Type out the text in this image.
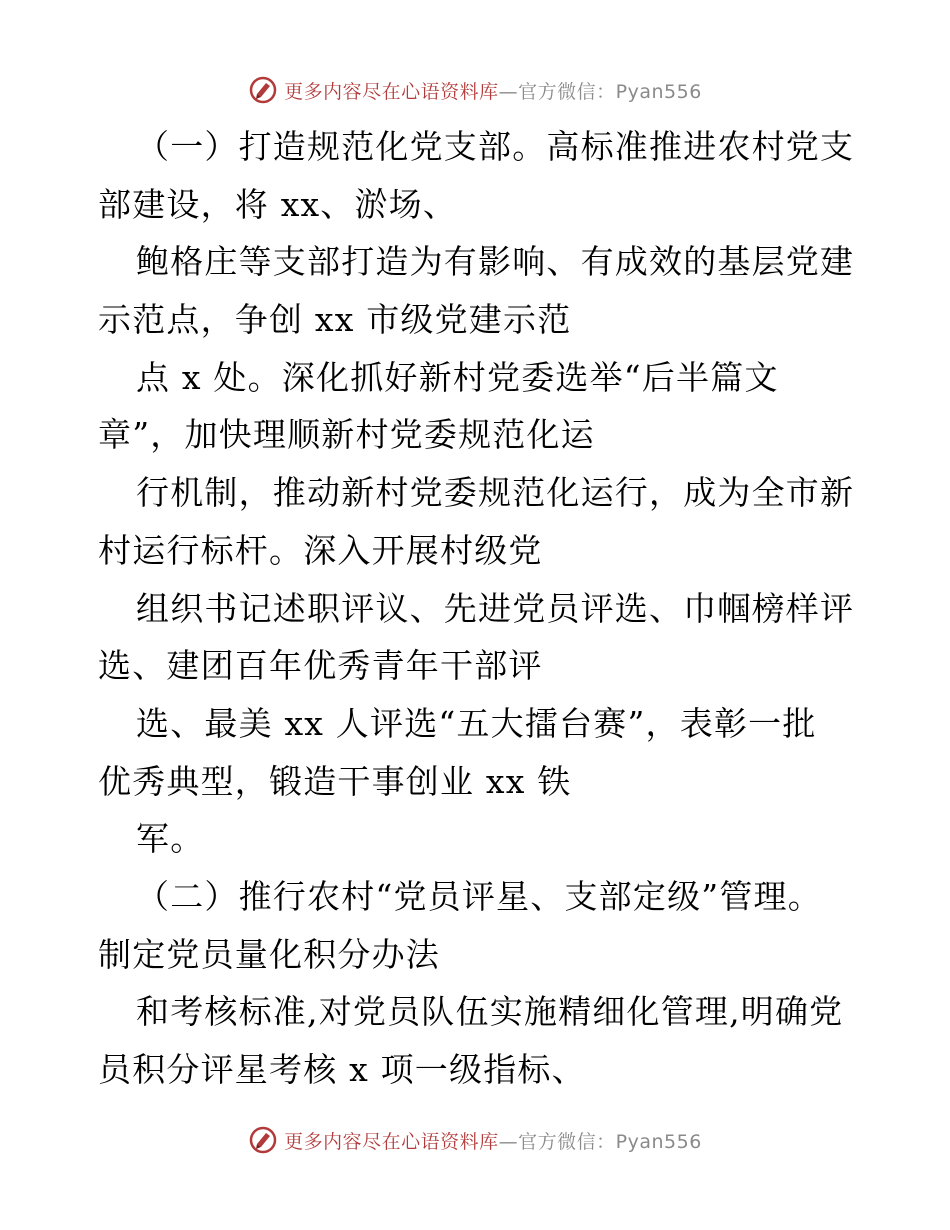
更多内容尽在心语资料库—官方微信：Pyan556
（一）打造规范化党支部。高标准推进农村党支
部建设，将 xx、淤场、
鲍格庄等支部打造为有影响、有成效的基层党建
示范点，争创 xx 市级党建示范
点 x 处。深化抓好新村党委选举“后半篇文
章”，加快理顺新村党委规范化运
行机制，推动新村党委规范化运行，成为全市新
村运行标杆。深入开展村级党
组织书记述职评议、先进党员评选、巾帼榜样评
选、建团百年优秀青年干部评
选、最美 xx 人评选“五大擂台赛”，表彰一批
优秀典型，锻造干事创业 xx 铁
军。
（二）推行农村“党员评星、支部定级”管理。
制定党员量化积分办法
和考核标准,对党员队伍实施精细化管理,明确党
员积分评星考核 x 项一级指标、
更多内容尽在心语资料库—官方微信：Pyan556
